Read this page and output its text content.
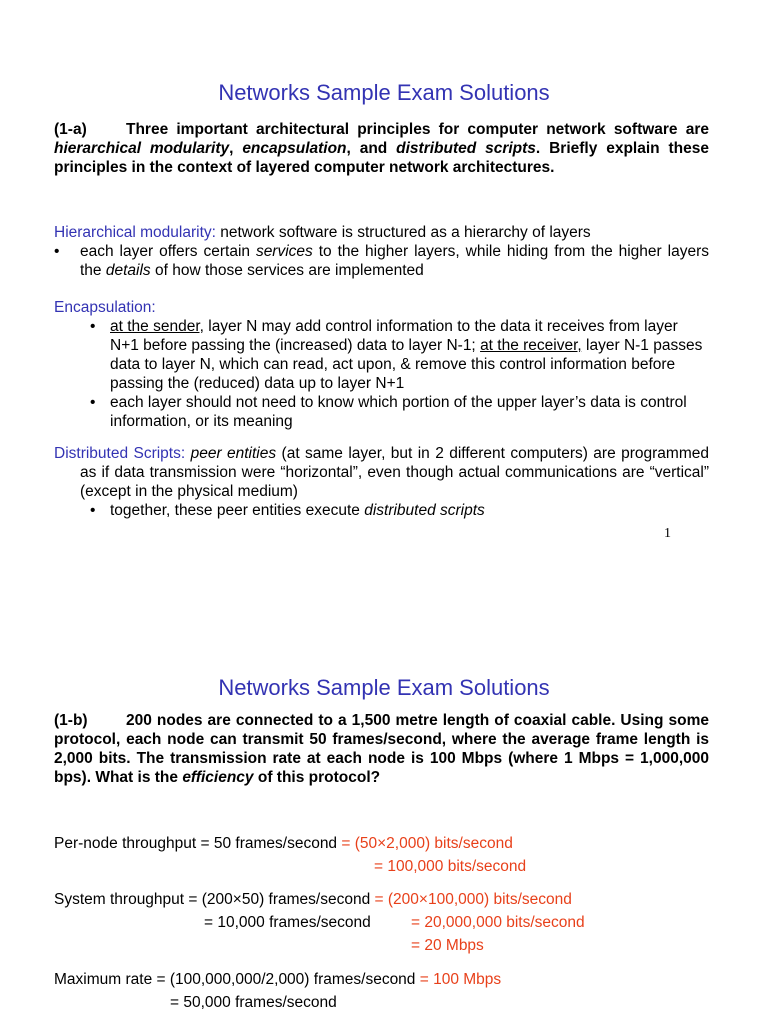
Networks Sample Exam Solutions
(1-a)	Three important architectural principles for computer network software are hierarchical modularity, encapsulation, and distributed scripts. Briefly explain these principles in the context of layered computer network architectures.
Hierarchical modularity: network software is structured as a hierarchy of layers
• each layer offers certain services to the higher layers, while hiding from the higher layers the details of how those services are implemented
Encapsulation:
• at the sender, layer N may add control information to the data it receives from layer N+1 before passing the (increased) data to layer N-1; at the receiver, layer N-1 passes data to layer N, which can read, act upon, & remove this control information before passing the (reduced) data up to layer N+1
• each layer should not need to know which portion of the upper layer’s data is control information, or its meaning
Distributed Scripts: peer entities (at same layer, but in 2 different computers) are programmed as if data transmission were “horizontal”, even though actual communications are “vertical” (except in the physical medium)
• together, these peer entities execute distributed scripts
1
Networks Sample Exam Solutions
(1-b) 200 nodes are connected to a 1,500 metre length of coaxial cable. Using some protocol, each node can transmit 50 frames/second, where the average frame length is 2,000 bits. The transmission rate at each node is 100 Mbps (where 1 Mbps = 1,000,000 bps). What is the efficiency of this protocol?
Per-node throughput = 50 frames/second = (50×2,000) bits/second
= 100,000 bits/second
System throughput = (200×50) frames/second = (200×100,000) bits/second
= 10,000 frames/second	= 20,000,000 bits/second
= 20 Mbps
Maximum rate = (100,000,000/2,000) frames/second = 100 Mbps
= 50,000 frames/second
